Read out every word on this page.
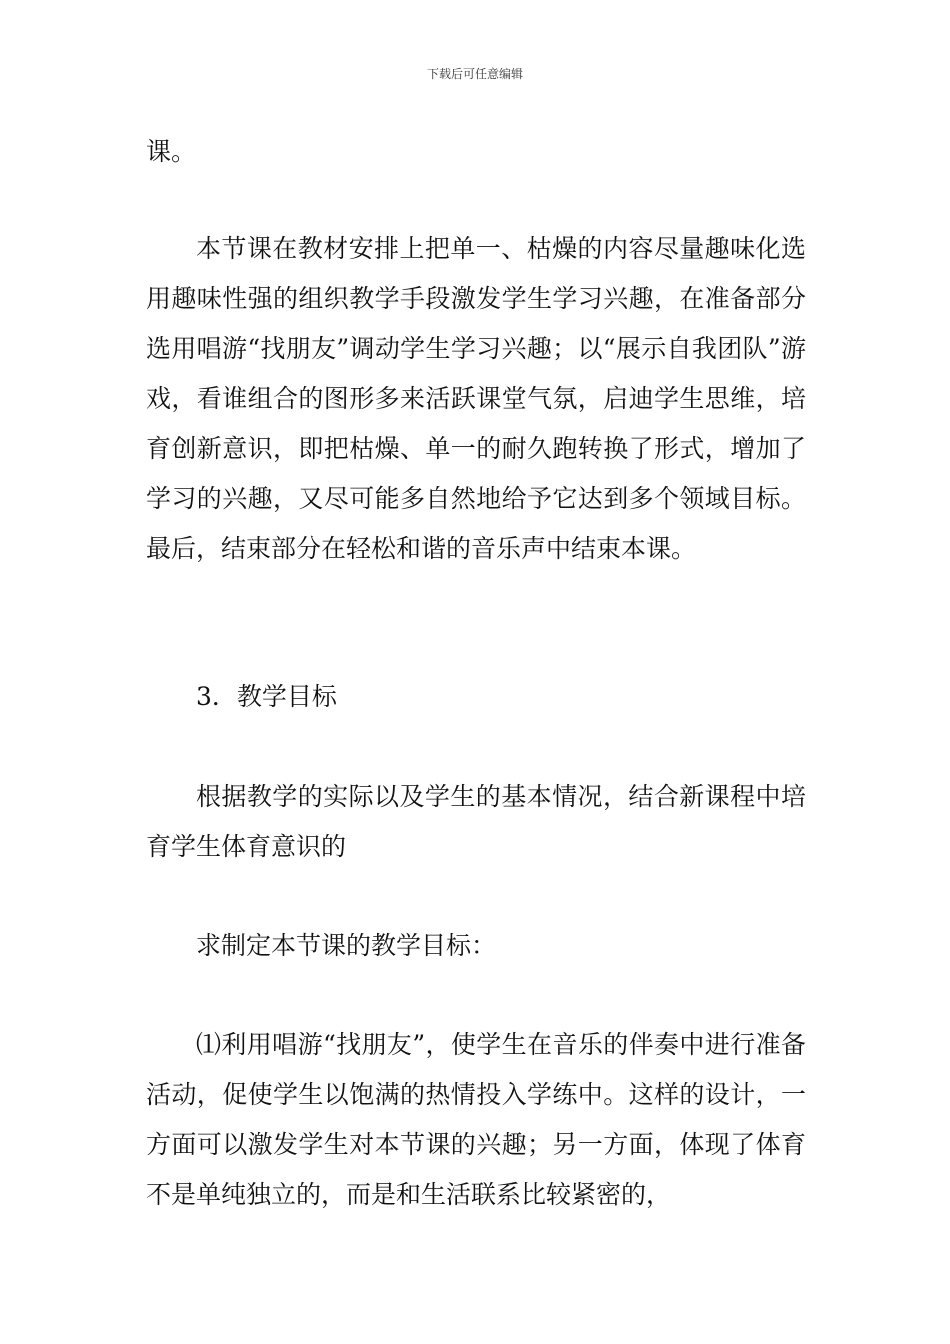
下载后可任意编辑

课。

本节课在教材安排上把单一、枯燥的内容尽量趣味化选用趣味性强的组织教学手段激发学生学习兴趣，在准备部分选用唱游“找朋友”调动学生学习兴趣；以“展示自我团队”游戏，看谁组合的图形多来活跃课堂气氛，启迪学生思维，培育创新意识，即把枯燥、单一的耐久跑转换了形式，增加了学习的兴趣，又尽可能多自然地给予它达到多个领域目标。最后，结束部分在轻松和谐的音乐声中结束本课。

3．教学目标

根据教学的实际以及学生的基本情况，结合新课程中培育学生体育意识的

求制定本节课的教学目标：

⑴利用唱游“找朋友”，使学生在音乐的伴奏中进行准备活动，促使学生以饱满的热情投入学练中。这样的设计，一方面可以激发学生对本节课的兴趣；另一方面，体现了体育不是单纯独立的，而是和生活联系比较紧密的，
